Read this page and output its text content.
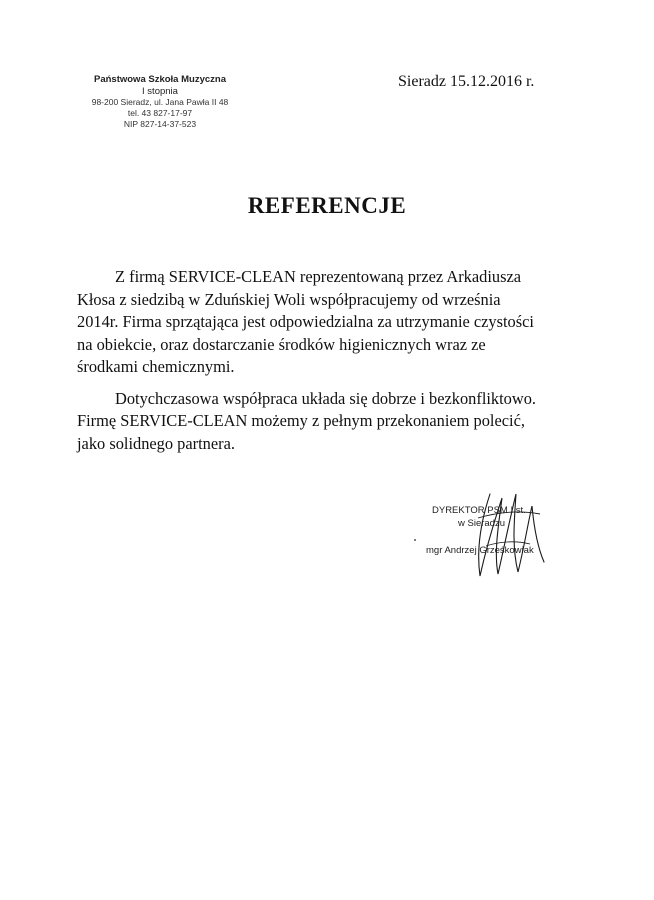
Państwowa Szkoła Muzyczna
I stopnia
98-200 Sieradz, ul. Jana Pawła II 48
tel. 43 827-17-97
NIP 827-14-37-523
Sieradz 15.12.2016 r.
REFERENCJE

Z firmą SERVICE-CLEAN reprezentowaną przez Arkadiusza
Kłosa z siedzibą w Zduńskiej Woli współpracujemy od września
2014r. Firma sprzątająca jest odpowiedzialna za utrzymanie czystości
na obiekcie, oraz dostarczanie środków higienicznych wraz ze
środkami chemicznymi.

Dotychczasowa współpraca układa się dobrze i bezkonfliktowo.
Firmę SERVICE-CLEAN możemy z pełnym przekonaniem polecić,
jako solidnego partnera.

DYREKTOR PSM I st.
w Sieradzu
mgr Andrzej Grześkowiak
